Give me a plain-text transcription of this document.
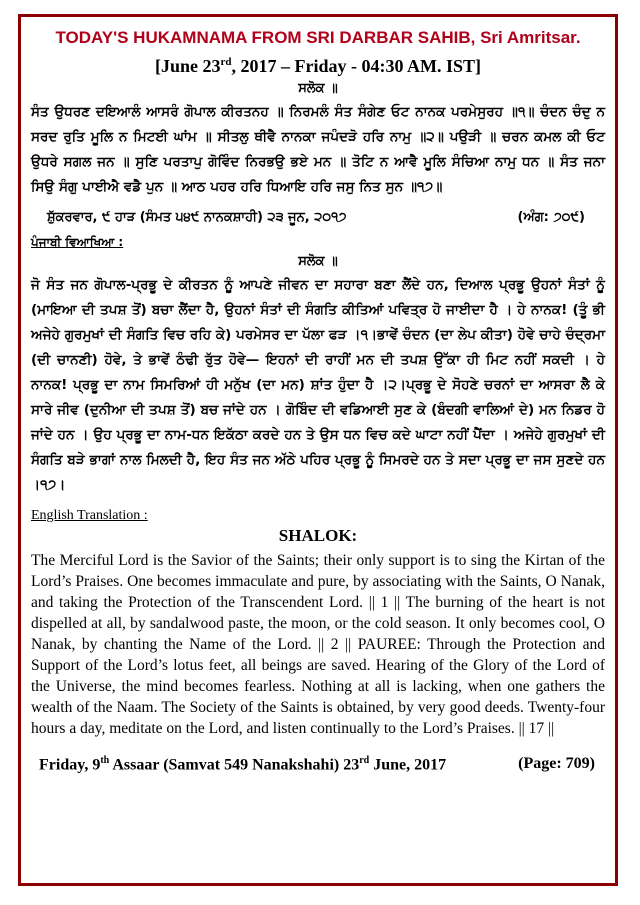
TODAY'S HUKAMNAMA FROM SRI DARBAR SAHIB, Sri Amritsar.
[June 23rd, 2017 – Friday - 04:30 AM. IST]
ਸਲੋਕ ॥
ਸੰਤ ਉਧਰਣ ਦਇਆਲੰ ਆਸਰੰ ਗੋਪਾਲ ਕੀਰਤਨਹ ॥ ਨਿਰਮਲੰ ਸੰਤ ਸੰਗੇਣ ਓਟ ਨਾਨਕ ਪਰਮੇਸੁਰਹ ॥੧॥ ਚੰਦਨ ਚੰਦੁ ਨ ਸਰਦ ਰੁਤਿ ਮੂਲਿ ਨ ਮਿਟਈ ਘਾਂਮ ॥ ਸੀਤਲੁ ਥੀਵੈ ਨਾਨਕਾ ਜਪੰਦੜੋ ਹਰਿ ਨਾਮੁ ॥੨॥ ਪਉੜੀ ॥ ਚਰਨ ਕਮਲ ਕੀ ਓਟ ਉਧਰੇ ਸਗਲ ਜਨ ॥ ਸੁਣਿ ਪਰਤਾਪੁ ਗੋਵਿੰਦ ਨਿਰਭਉ ਭਏ ਮਨ ॥ ਤੋਟਿ ਨ ਆਵੈ ਮੂਲਿ ਸੰਚਿਆ ਨਾਮੁ ਧਨ ॥ ਸੰਤ ਜਨਾ ਸਿਉ ਸੰਗੁ ਪਾਈਐ ਵਡੈ ਪੁਨ ॥ ਆਠ ਪਹਰ ਹਰਿ ਧਿਆਇ ਹਰਿ ਜਸੁ ਨਿਤ ਸੁਨ ॥੧੭॥
ਸ਼ੁੱਕਰਵਾਰ, ੯ ਹਾੜ (ਸੰਮਤ ੫੪੯ ਨਾਨਕਸ਼ਾਹੀ) ੨੩ ਜੂਨ, ੨੦੧੭	(ਅੰਗ: ੭੦੯)
ਪੰਜਾਬੀ ਵਿਆਖਿਆ :
ਸਲੋਕ ॥
ਜੋ ਸੰਤ ਜਨ ਗੋਪਾਲ-ਪ੍ਰਭੂ ਦੇ ਕੀਰਤਨ ਨੂੰ ਆਪਣੇ ਜੀਵਨ ਦਾ ਸਹਾਰਾ ਬਣਾ ਲੈਂਦੇ ਹਨ, ਦਿਆਲ ਪ੍ਰਭੂ ਉਹਨਾਂ ਸੰਤਾਂ ਨੂੰ (ਮਾਇਆ ਦੀ ਤਪਸ਼ ਤੋਂ) ਬਚਾ ਲੈਂਦਾ ਹੈ, ਉਹਨਾਂ ਸੰਤਾਂ ਦੀ ਸੰਗਤਿ ਕੀਤਿਆਂ ਪਵਿਤ੍ਰ ਹੋ ਜਾਈਦਾ ਹੈ । ਹੇ ਨਾਨਕ! (ਤੂੰ ਭੀ ਅਜੇਹੇ ਗੁਰਮੁਖਾਂ ਦੀ ਸੰਗਤਿ ਵਿਚ ਰਹਿ ਕੇ) ਪਰਮੇਸਰ ਦਾ ਪੱਲਾ ਫੜ ।੧।ਭਾਵੇਂ ਚੰਦਨ (ਦਾ ਲੇਪ ਕੀਤਾ) ਹੋਵੇ ਚਾਹੇ ਚੰਦ੍ਰਮਾ (ਦੀ ਚਾਨਣੀ) ਹੋਵੇ, ਤੇ ਭਾਵੇਂ ਠੰਢੀ ਰੁੱਤ ਹੋਵੇ— ਇਹਨਾਂ ਦੀ ਰਾਹੀਂ ਮਨ ਦੀ ਤਪਸ਼ ਉੱਕਾ ਹੀ ਮਿਟ ਨਹੀਂ ਸਕਦੀ । ਹੇ ਨਾਨਕ! ਪ੍ਰਭੂ ਦਾ ਨਾਮ ਸਿਮਰਿਆਂ ਹੀ ਮਨੁੱਖ (ਦਾ ਮਨ) ਸ਼ਾਂਤ ਹੁੰਦਾ ਹੈ ।੨।ਪ੍ਰਭੂ ਦੇ ਸੋਹਣੇ ਚਰਨਾਂ ਦਾ ਆਸਰਾ ਲੈ ਕੇ ਸਾਰੇ ਜੀਵ (ਦੁਨੀਆ ਦੀ ਤਪਸ਼ ਤੋਂ) ਬਚ ਜਾਂਦੇ ਹਨ । ਗੋਬਿੰਦ ਦੀ ਵਡਿਆਈ ਸੁਣ ਕੇ (ਬੰਦਗੀ ਵਾਲਿਆਂ ਦੇ) ਮਨ ਨਿਡਰ ਹੋ ਜਾਂਦੇ ਹਨ । ਉਹ ਪ੍ਰਭੂ ਦਾ ਨਾਮ-ਧਨ ਇਕੱਠਾ ਕਰਦੇ ਹਨ ਤੇ ਉਸ ਧਨ ਵਿਚ ਕਦੇ ਘਾਟਾ ਨਹੀਂ ਪੈਂਦਾ । ਅਜੇਹੇ ਗੁਰਮੁਖਾਂ ਦੀ ਸੰਗਤਿ ਬੜੇ ਭਾਗਾਂ ਨਾਲ ਮਿਲਦੀ ਹੈ, ਇਹ ਸੰਤ ਜਨ ਅੱਠੇ ਪਹਿਰ ਪ੍ਰਭੂ ਨੂੰ ਸਿਮਰਦੇ ਹਨ ਤੇ ਸਦਾ ਪ੍ਰਭੂ ਦਾ ਜਸ ਸੁਣਦੇ ਹਨ ।੧੭।
English Translation :
SHALOK:
The Merciful Lord is the Savior of the Saints; their only support is to sing the Kirtan of the Lord’s Praises. One becomes immaculate and pure, by associating with the Saints, O Nanak, and taking the Protection of the Transcendent Lord. || 1 || The burning of the heart is not dispelled at all, by sandalwood paste, the moon, or the cold season. It only becomes cool, O Nanak, by chanting the Name of the Lord. || 2 || PAUREE: Through the Protection and Support of the Lord’s lotus feet, all beings are saved. Hearing of the Glory of the Lord of the Universe, the mind becomes fearless. Nothing at all is lacking, when one gathers the wealth of the Naam. The Society of the Saints is obtained, by very good deeds. Twenty-four hours a day, meditate on the Lord, and listen continually to the Lord’s Praises. || 17 ||
Friday, 9th Assaar (Samvat 549 Nanakshahi) 23rd June, 2017	(Page: 709)
